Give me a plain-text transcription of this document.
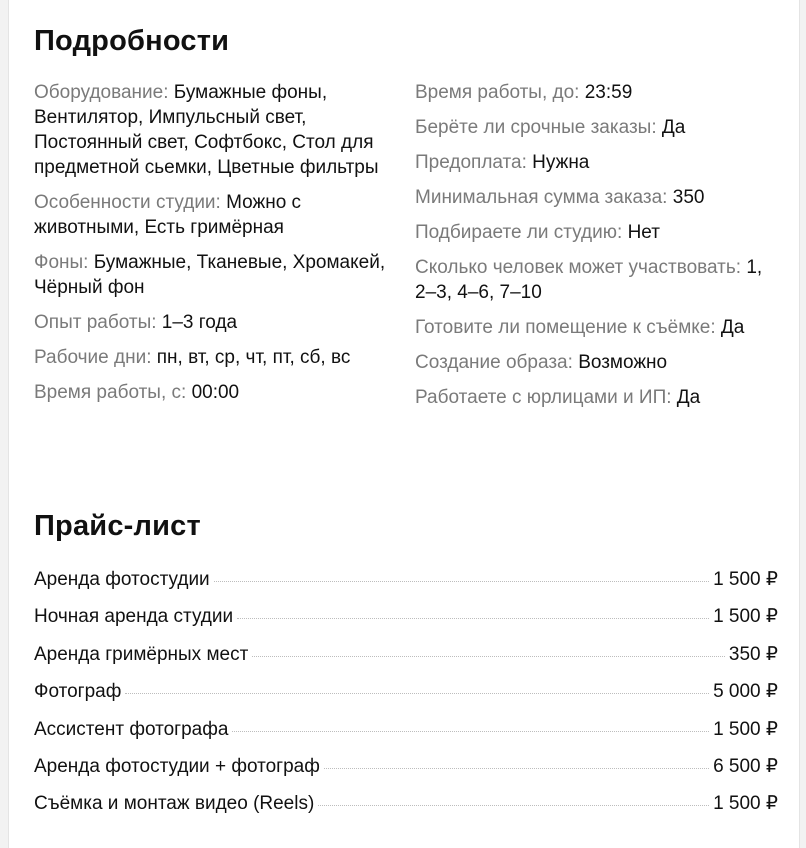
Подробности
Оборудование: Бумажные фоны, Вентилятор, Импульсный свет, Постоянный свет, Софтбокс, Стол для предметной сьемки, Цветные фильтры
Особенности студии: Можно с животными, Есть гримёрная
Фоны: Бумажные, Тканевые, Хромакей, Чёрный фон
Опыт работы: 1–3 года
Рабочие дни: пн, вт, ср, чт, пт, сб, вс
Время работы, с: 00:00
Время работы, до: 23:59
Берёте ли срочные заказы: Да
Предоплата: Нужна
Минимальная сумма заказа: 350
Подбираете ли студию: Нет
Сколько человек может участвовать: 1, 2–3, 4–6, 7–10
Готовите ли помещение к съёмке: Да
Создание образа: Возможно
Работаете с юрлицами и ИП: Да
Прайс-лист
Аренда фотостудии	1 500 ₽
Ночная аренда студии	1 500 ₽
Аренда гримёрных мест	350 ₽
Фотограф	5 000 ₽
Ассистент фотографа	1 500 ₽
Аренда фотостудии + фотограф	6 500 ₽
Съёмка и монтаж видео (Reels)	1 500 ₽
